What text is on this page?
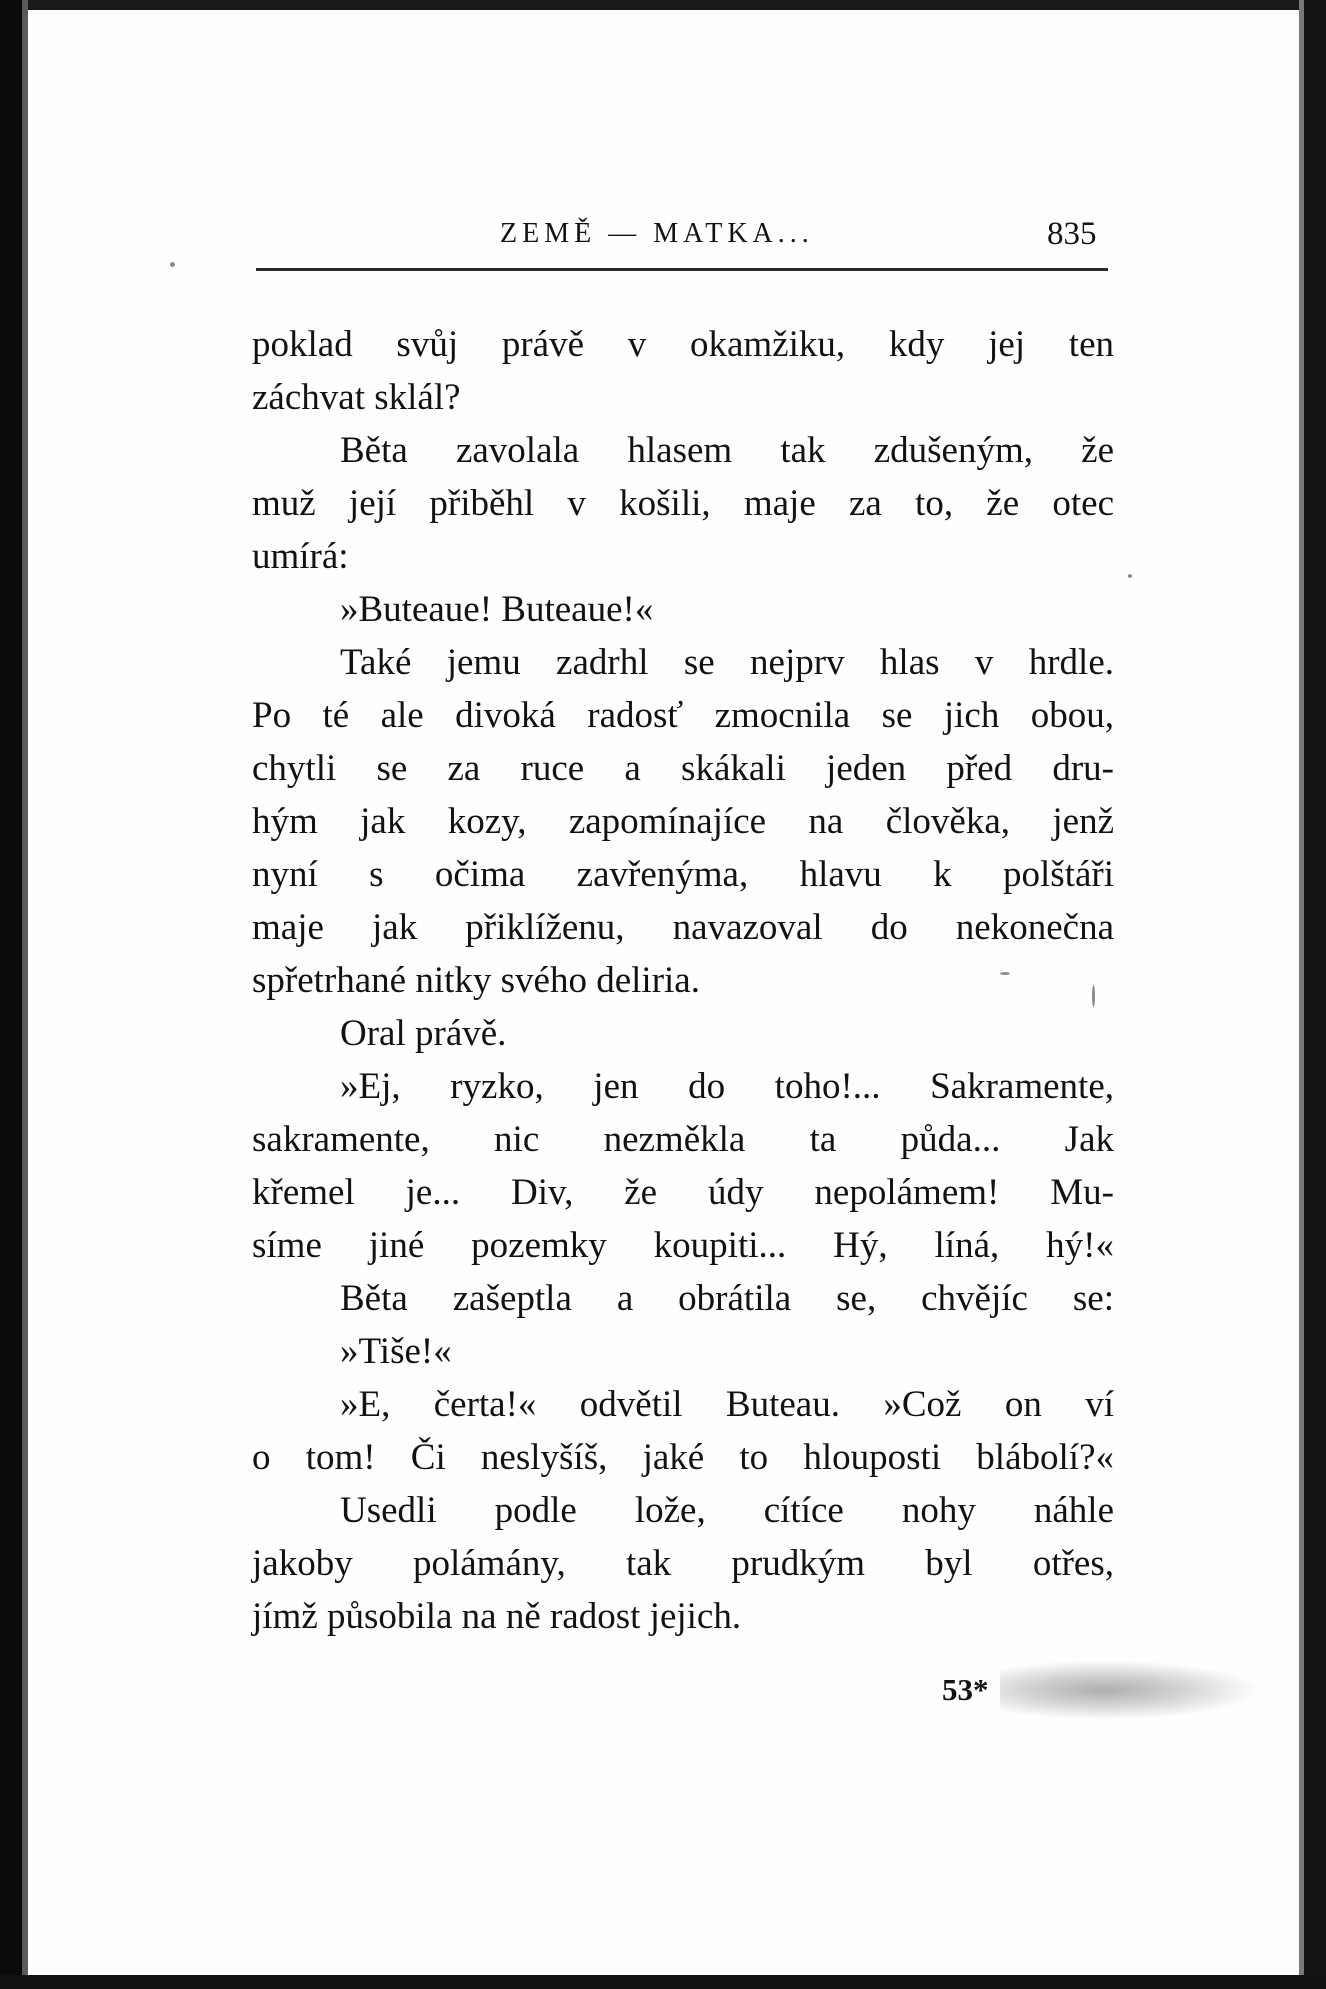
ZEMĚ — MATKA...	835
poklad svůj právě v okamžiku, kdy jej ten
záchvat sklál?
Běta zavolala hlasem tak zdušeným, že
muž její přiběhl v košili, maje za to, že otec
umírá:
»Buteaue! Buteaue!«
Také jemu zadrhl se nejprv hlas v hrdle.
Po té ale divoká radosť zmocnila se jich obou,
chytli se za ruce a skákali jeden před dru-
hým jak kozy, zapomínajíce na člověka, jenž
nyní s očima zavřenýma, hlavu k polštáři
maje jak přiklíženu, navazoval do nekonečna
spřetrhané nitky svého deliria.
Oral právě.
»Ej, ryzko, jen do toho!... Sakramente,
sakramente, nic nezměkla ta půda... Jak
křemel je... Div, že údy nepolámem! Mu-
síme jiné pozemky koupiti... Hý, líná, hý!«
Běta zašeptla a obrátila se, chvějíc se:
»Tiše!«
»E, čerta!« odvětil Buteau. »Což on ví
o tom! Či neslyšíš, jaké to hlouposti blábolí?«
Usedli podle lože, cítíce nohy náhle
jakoby polámány, tak prudkým byl otřes,
jímž působila na ně radost jejich.
53*
